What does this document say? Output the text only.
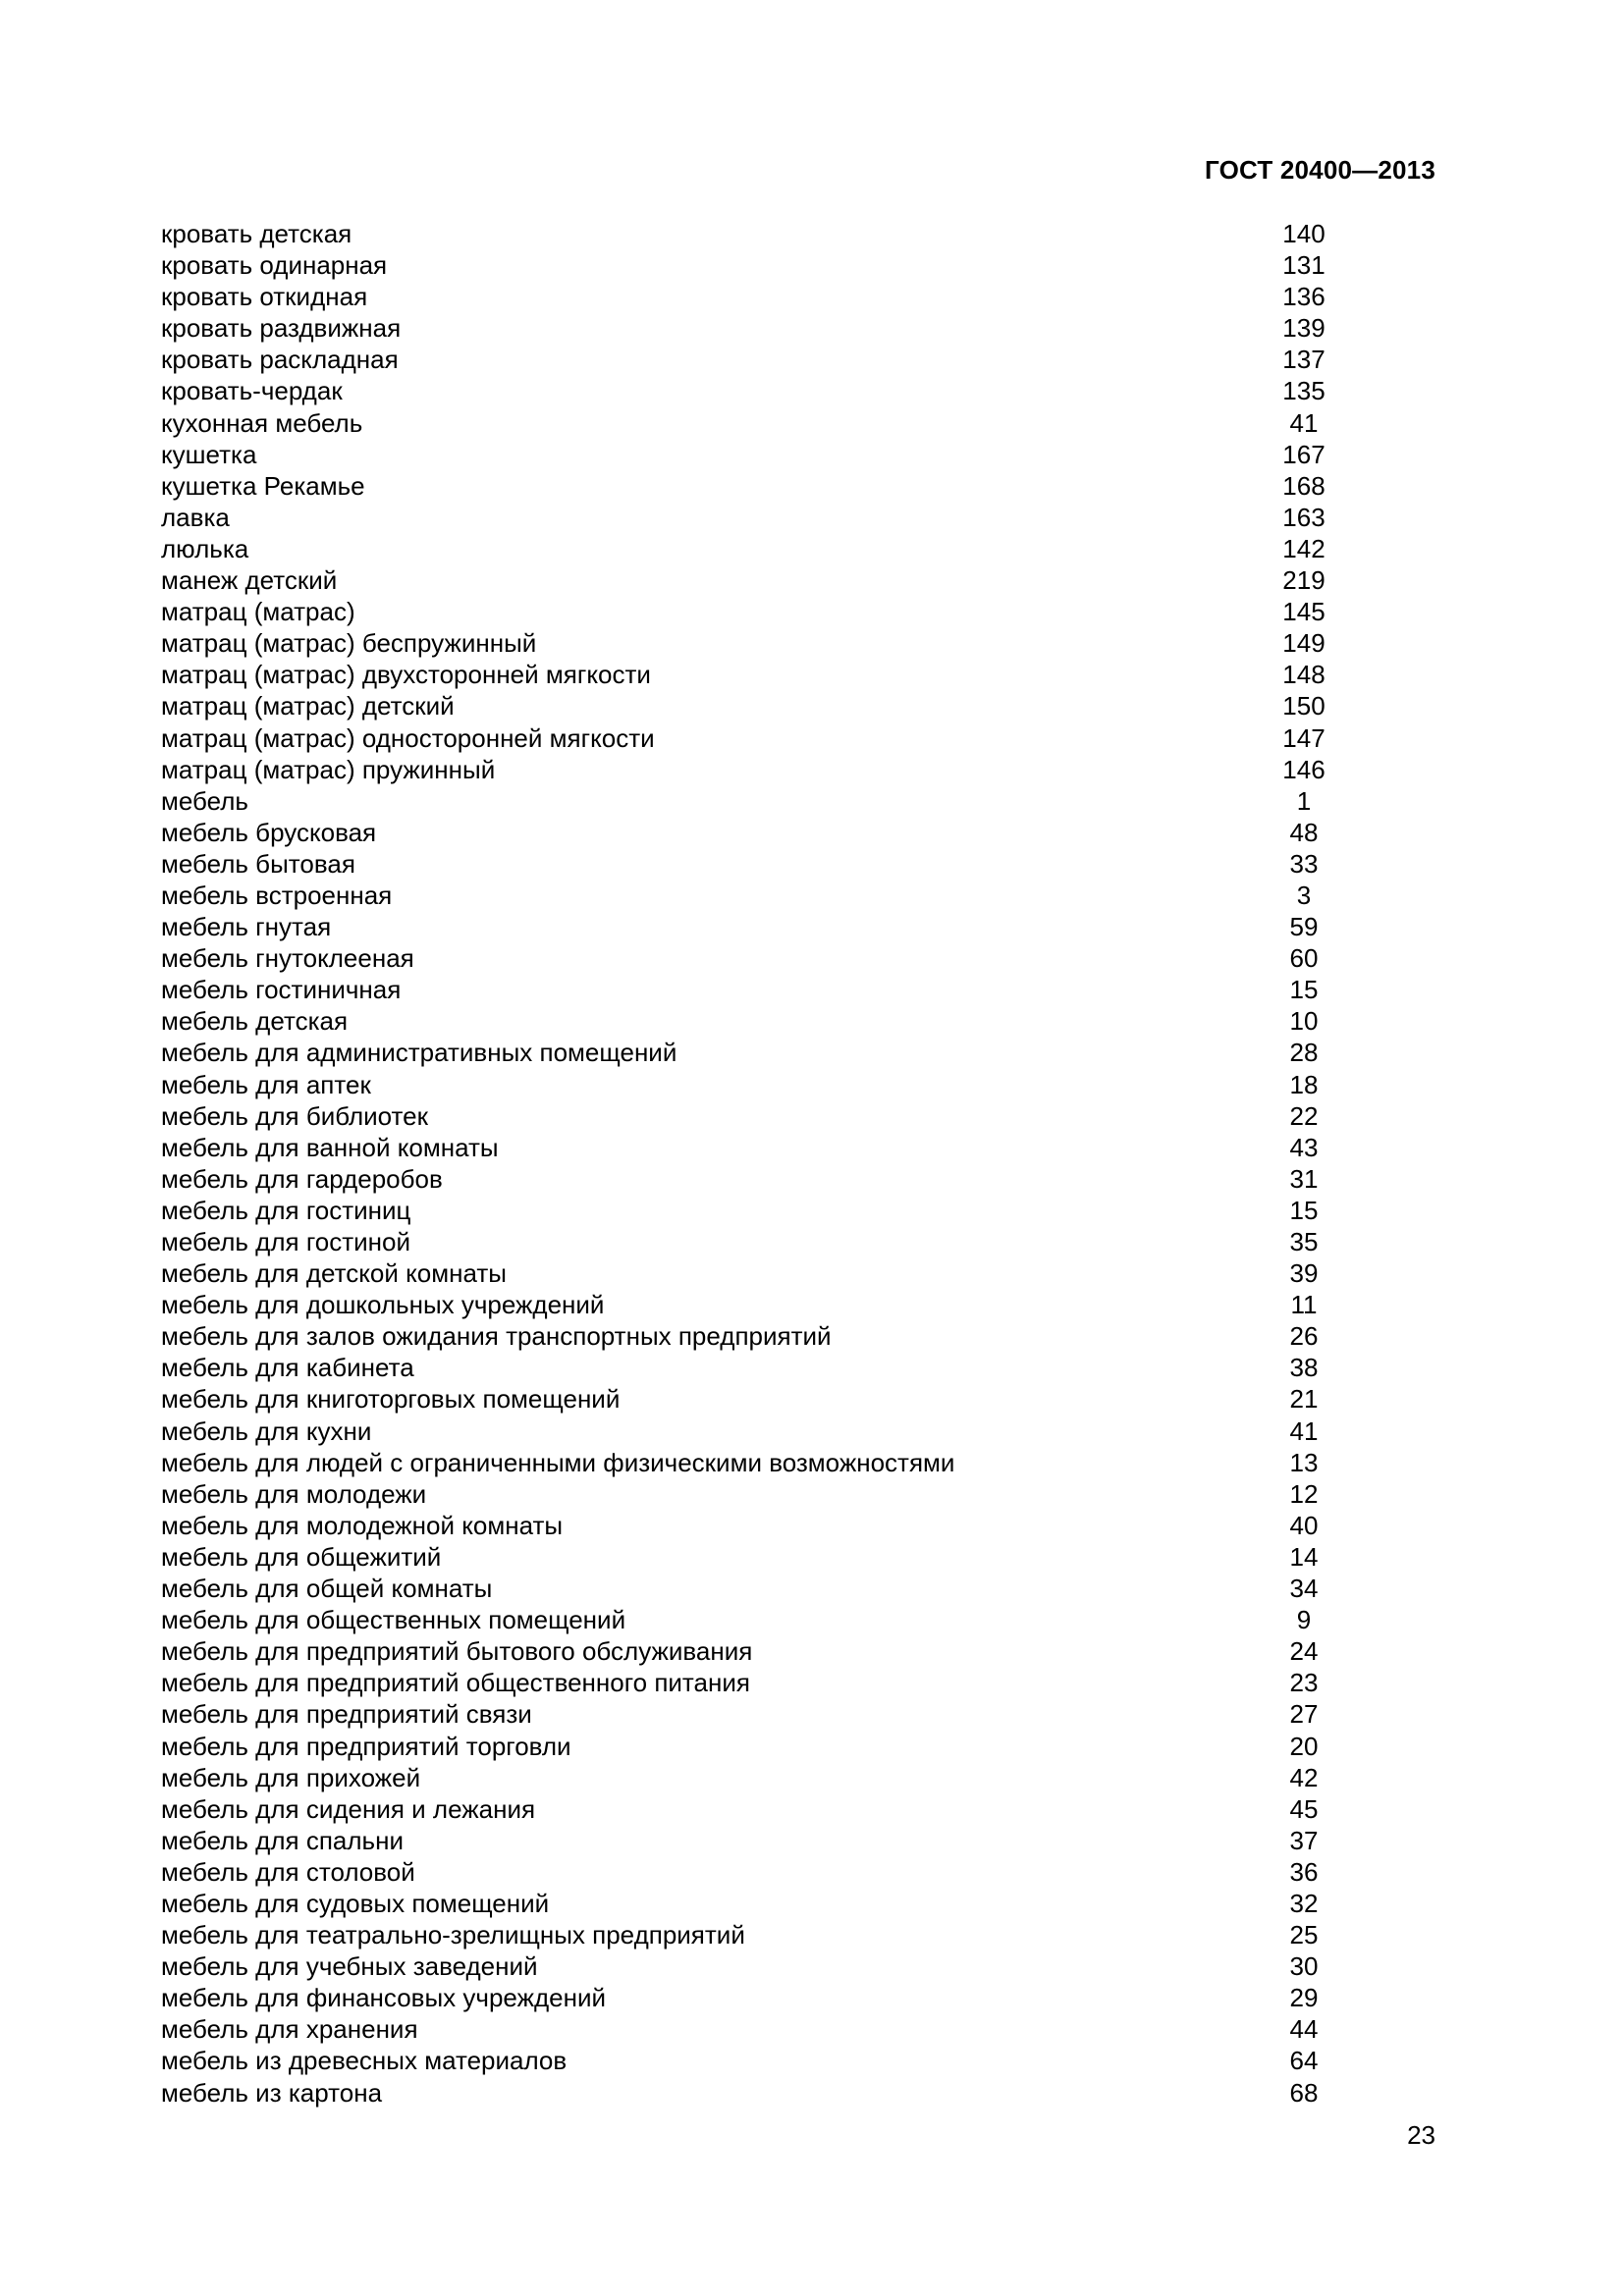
ГОСТ 20400—2013
кровать детская	140
кровать одинарная	131
кровать откидная	136
кровать раздвижная	139
кровать раскладная	137
кровать-чердак	135
кухонная мебель	41
кушетка	167
кушетка Рекамье	168
лавка	163
люлька	142
манеж детский	219
матрац (матрас)	145
матрац (матрас) беспружинный	149
матрац (матрас) двухсторонней мягкости	148
матрац (матрас) детский	150
матрац (матрас) односторонней мягкости	147
матрац (матрас) пружинный	146
мебель	1
мебель брусковая	48
мебель бытовая	33
мебель встроенная	3
мебель гнутая	59
мебель гнутоклееная	60
мебель гостиничная	15
мебель детская	10
мебель для административных помещений	28
мебель для аптек	18
мебель для библиотек	22
мебель для ванной комнаты	43
мебель для гардеробов	31
мебель для гостиниц	15
мебель для гостиной	35
мебель для детской комнаты	39
мебель для дошкольных учреждений	11
мебель для залов ожидания транспортных предприятий	26
мебель для кабинета	38
мебель для книготорговых помещений	21
мебель для кухни	41
мебель для людей с ограниченными физическими возможностями	13
мебель для молодежи	12
мебель для молодежной комнаты	40
мебель для общежитий	14
мебель для общей комнаты	34
мебель для общественных помещений	9
мебель для предприятий бытового обслуживания	24
мебель для предприятий общественного питания	23
мебель для предприятий связи	27
мебель для предприятий торговли	20
мебель для прихожей	42
мебель для сидения и лежания	45
мебель для спальни	37
мебель для столовой	36
мебель для судовых помещений	32
мебель для театрально-зрелищных предприятий	25
мебель для учебных заведений	30
мебель для финансовых учреждений	29
мебель для хранения	44
мебель из древесных материалов	64
мебель из картона	68
23
